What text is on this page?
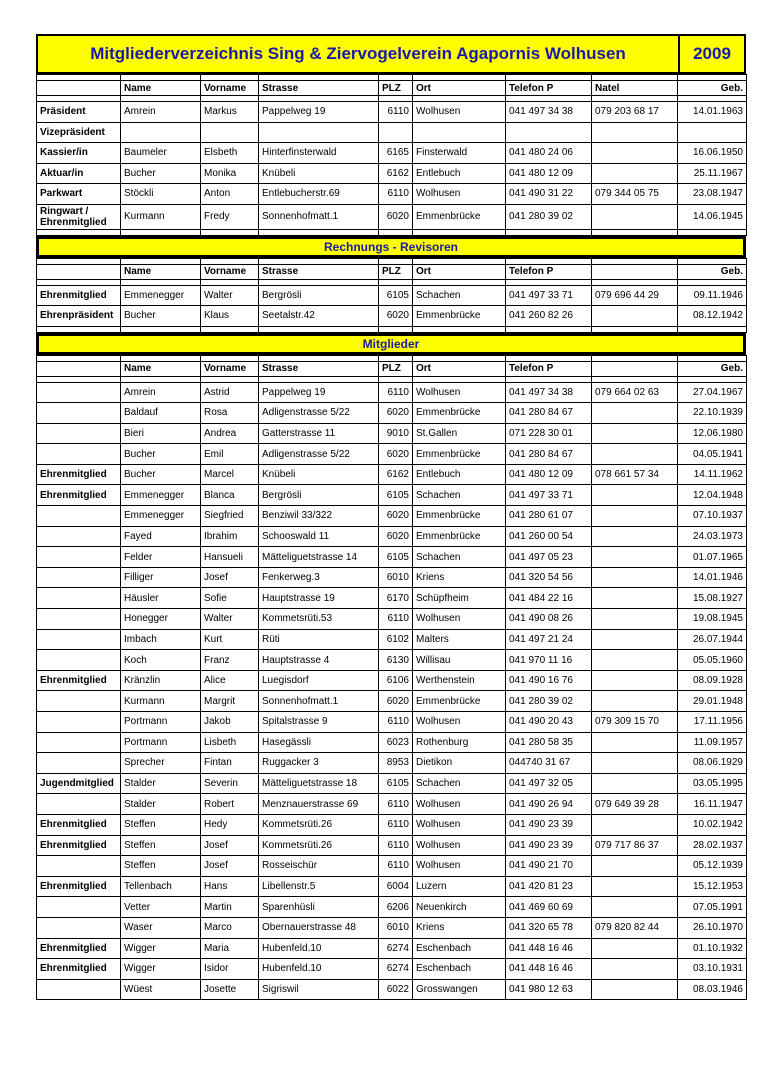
Mitgliederverzeichnis Sing & Ziervogelverein Agapornis Wolhusen	2009

	Name	Vorname	Strasse	PLZ	Ort	Telefon P	Natel	Geb.

Präsident	Amrein	Markus	Pappelweg 19	6110	Wolhusen	041 497 34 38	079 203 68 17	14.01.1963
Vizepräsident								
Kassier/in	Baumeler	Elsbeth	Hinterfinsterwald	6165	Finsterwald	041 480 24 06		16.06.1950
Aktuar/in	Bucher	Monika	Knübeli	6162	Entlebuch	041 480 12 09		25.11.1967
Parkwart	Stöckli	Anton	Entlebucherstr.69	6110	Wolhusen	041 490 31 22	079 344 05 75	23.08.1947
Ringwart / Ehrenmitglied	Kurmann	Fredy	Sonnenhofmatt.1	6020	Emmenbrücke	041 280 39 02		14.06.1945

Rechnungs - Revisoren

	Name	Vorname	Strasse	PLZ	Ort	Telefon P		Geb.

Ehrenmitglied	Emmenegger	Walter	Bergrösli	6105	Schachen	041 497 33 71	079 696 44 29	09.11.1946
Ehrenpräsident	Bucher	Klaus	Seetalstr.42	6020	Emmenbrücke	041 260 82 26		08.12.1942

Mitglieder

	Name	Vorname	Strasse	PLZ	Ort	Telefon P		Geb.

	Amrein	Astrid	Pappelweg 19	6110	Wolhusen	041 497 34 38	079 664 02 63	27.04.1967
	Baldauf	Rosa	Adligenstrasse 5/22	6020	Emmenbrücke	041 280 84 67		22.10.1939
	Bieri	Andrea	Gatterstrasse 11	9010	St.Gallen	071 228 30 01		12.06.1980
	Bucher	Emil	Adligenstrasse 5/22	6020	Emmenbrücke	041 280 84 67		04.05.1941
Ehrenmitglied	Bucher	Marcel	Knübeli	6162	Entlebuch	041 480 12 09	078 661 57 34	14.11.1962
Ehrenmitglied	Emmenegger	Blanca	Bergrösli	6105	Schachen	041 497 33 71		12.04.1948
	Emmenegger	Siegfried	Benziwil 33/322	6020	Emmenbrücke	041 280 61 07		07.10.1937
	Fayed	Ibrahim	Schooswald 11	6020	Emmenbrücke	041 260 00 54		24.03.1973
	Felder	Hansueli	Mätteliguetstrasse 14	6105	Schachen	041 497 05 23		01.07.1965
	Filliger	Josef	Fenkerweg.3	6010	Kriens	041 320 54 56		14.01.1946
	Häusler	Sofie	Hauptstrasse 19	6170	Schüpfheim	041 484 22 16		15.08.1927
	Honegger	Walter	Kommetsrüti.53	6110	Wolhusen	041 490 08 26		19.08.1945
	Imbach	Kurt	Rüti	6102	Malters	041 497 21 24		26.07.1944
	Koch	Franz	Hauptstrasse 4	6130	Willisau	041 970 11 16		05.05.1960
Ehrenmitglied	Kränzlin	Alice	Luegisdorf	6106	Werthenstein	041 490 16 76		08.09.1928
	Kurmann	Margrit	Sonnenhofmatt.1	6020	Emmenbrücke	041 280 39 02		29.01.1948
	Portmann	Jakob	Spitalstrasse 9	6110	Wolhusen	041 490 20 43	079 309 15 70	17.11.1956
	Portmann	Lisbeth	Hasegässli	6023	Rothenburg	041 280 58 35		11.09.1957
	Sprecher	Fintan	Ruggacker 3	8953	Dietikon	044740 31 67		08.06.1929
Jugendmitglied	Stalder	Severin	Mätteliguetstrasse 18	6105	Schachen	041 497 32 05		03.05.1995
	Stalder	Robert	Menznauerstrasse 69	6110	Wolhusen	041 490 26 94	079 649 39 28	16.11.1947
Ehrenmitglied	Steffen	Hedy	Kommetsrüti.26	6110	Wolhusen	041 490 23 39		10.02.1942
Ehrenmitglied	Steffen	Josef	Kommetsrüti.26	6110	Wolhusen	041 490 23 39	079 717 86 37	28.02.1937
	Steffen	Josef	Rosseischür	6110	Wolhusen	041 490 21 70		05.12.1939
Ehrenmitglied	Tellenbach	Hans	Libellenstr.5	6004	Luzern	041 420 81 23		15.12.1953
	Vetter	Martin	Sparenhüsli	6206	Neuenkirch	041 469 60 69		07.05.1991
	Waser	Marco	Obernauerstrasse 48	6010	Kriens	041 320 65 78	079 820 82 44	26.10.1970
Ehrenmitglied	Wigger	Maria	Hubenfeld.10	6274	Eschenbach	041 448 16 46		01.10.1932
Ehrenmitglied	Wigger	Isidor	Hubenfeld.10	6274	Eschenbach	041 448 16 46		03.10.1931
	Wüest	Josette	Sigriswil	6022	Grosswangen	041 980 12 63		08.03.1946
